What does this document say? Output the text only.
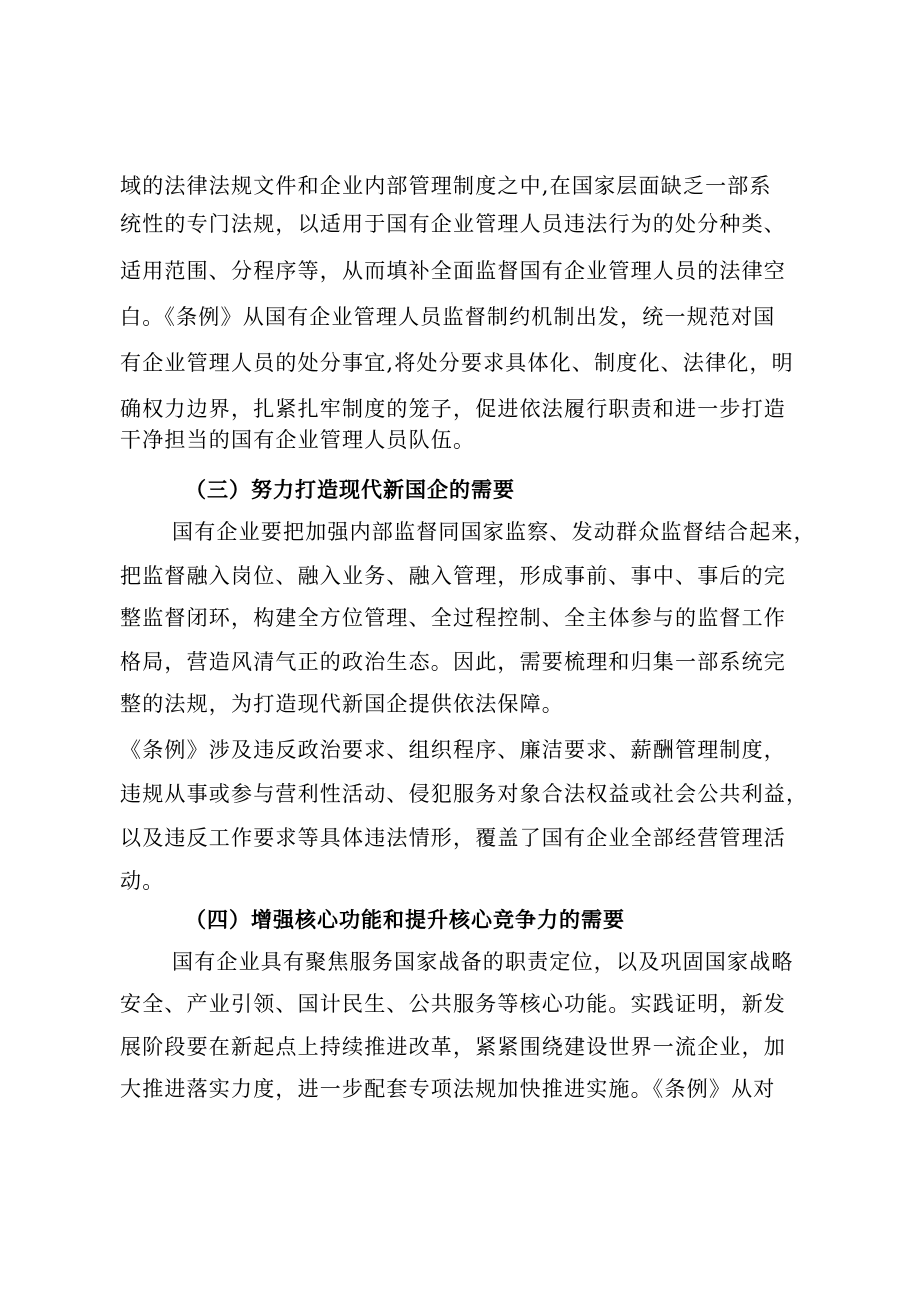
域的法律法规文件和企业内部管理制度之中,在国家层面缺乏一部系
统性的专门法规，以适用于国有企业管理人员违法行为的处分种类、
适用范围、分程序等，从而填补全面监督国有企业管理人员的法律空
白。《条例》从国有企业管理人员监督制约机制出发，统一规范对国
有企业管理人员的处分事宜,将处分要求具体化、制度化、法律化，明
确权力边界，扎紧扎牢制度的笼子，促进依法履行职责和进一步打造
干净担当的国有企业管理人员队伍。
（三）努力打造现代新国企的需要
国有企业要把加强内部监督同国家监察、发动群众监督结合起来，
把监督融入岗位、融入业务、融入管理，形成事前、事中、事后的完
整监督闭环，构建全方位管理、全过程控制、全主体参与的监督工作
格局，营造风清气正的政治生态。因此，需要梳理和归集一部系统完
整的法规，为打造现代新国企提供依法保障。
《条例》涉及违反政治要求、组织程序、廉洁要求、薪酬管理制度，
违规从事或参与营利性活动、侵犯服务对象合法权益或社会公共利益，
以及违反工作要求等具体违法情形，覆盖了国有企业全部经营管理活
动。
（四）增强核心功能和提升核心竞争力的需要
国有企业具有聚焦服务国家战备的职责定位，以及巩固国家战略
安全、产业引领、国计民生、公共服务等核心功能。实践证明，新发
展阶段要在新起点上持续推进改革，紧紧围绕建设世界一流企业，加
大推进落实力度，进一步配套专项法规加快推进实施。《条例》从对
